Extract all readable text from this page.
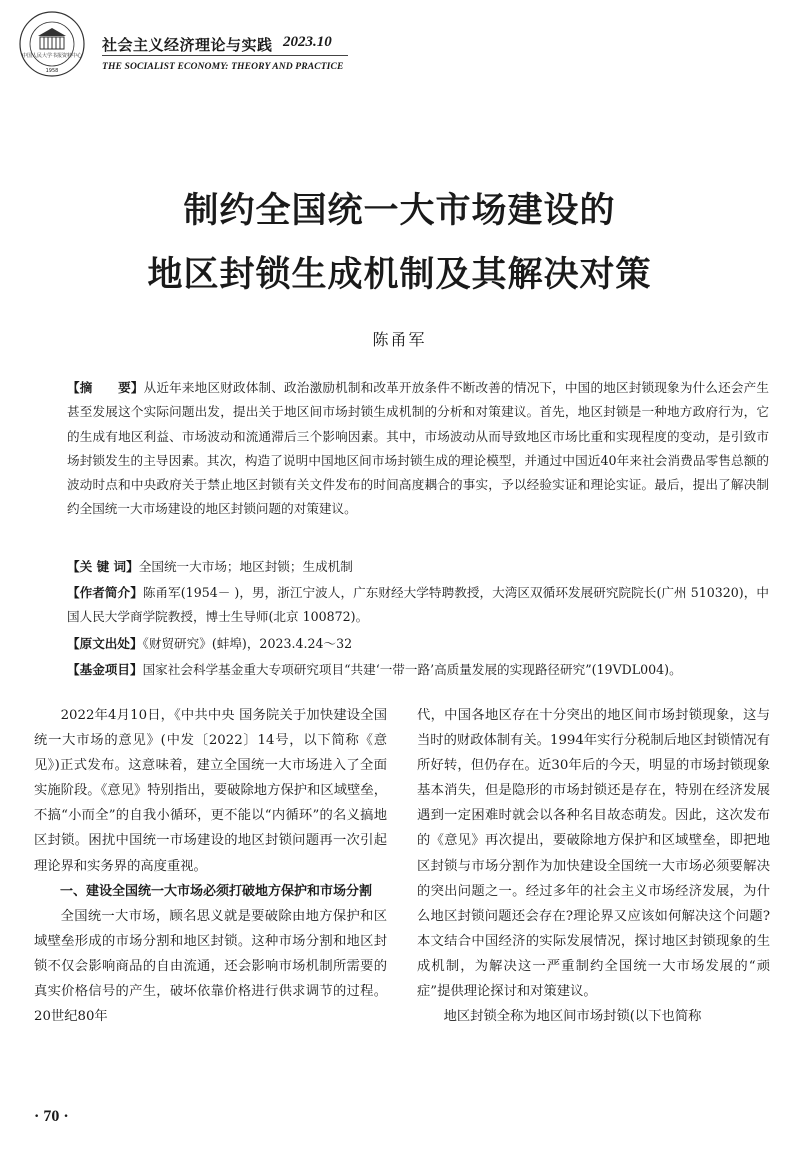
中国人民大学书报资料中心
1958
社会主义经济理论与实践 2023.10
THE SOCIALIST ECONOMY: THEORY AND PRACTICE
制约全国统一大市场建设的
地区封锁生成机制及其解决对策
陈甬军
【摘　　要】从近年来地区财政体制、政治激励机制和改革开放条件不断改善的情况下，中国的地区封锁现象为什么还会产生甚至发展这个实际问题出发，提出关于地区间市场封锁生成机制的分析和对策建议。首先，地区封锁是一种地方政府行为，它的生成有地区利益、市场波动和流通滞后三个影响因素。其中，市场波动从而导致地区市场比重和实现程度的变动，是引致市场封锁发生的主导因素。其次，构造了说明中国地区间市场封锁生成的理论模型，并通过中国近40年来社会消费品零售总额的波动时点和中央政府关于禁止地区封锁有关文件发布的时间高度耦合的事实，予以经验实证和理论实证。最后，提出了解决制约全国统一大市场建设的地区封锁问题的对策建议。
【关 键 词】全国统一大市场；地区封锁；生成机制
【作者简介】陈甬军(1954－ )，男，浙江宁波人，广东财经大学特聘教授，大湾区双循环发展研究院院长(广州 510320)，中国人民大学商学院教授，博士生导师(北京 100872)。
【原文出处】《财贸研究》(蚌埠)，2023.4.24～32
【基金项目】国家社会科学基金重大专项研究项目“共建‘一带一路’高质量发展的实现路径研究”(19VDL004)。

2022年4月10日，《中共中央 国务院关于加快建设全国统一大市场的意见》(中发〔2022〕14号，以下简称《意见》)正式发布。这意味着，建立全国统一大市场进入了全面实施阶段。《意见》特别指出，要破除地方保护和区域壁垒，不搞“小而全”的自我小循环，更不能以“内循环”的名义搞地区封锁。困扰中国统一市场建设的地区封锁问题再一次引起理论界和实务界的高度重视。

一、建设全国统一大市场必须打破地方保护和市场分割

全国统一大市场，顾名思义就是要破除由地方保护和区域壁垒形成的市场分割和地区封锁。这种市场分割和地区封锁不仅会影响商品的自由流通，还会影响市场机制所需要的真实价格信号的产生，破坏依靠价格进行供求调节的过程。20世纪80年

代，中国各地区存在十分突出的地区间市场封锁现象，这与当时的财政体制有关。1994年实行分税制后地区封锁情况有所好转，但仍存在。近30年后的今天，明显的市场封锁现象基本消失，但是隐形的市场封锁还是存在，特别在经济发展遇到一定困难时就会以各种名目故态萌发。因此，这次发布的《意见》再次提出，要破除地方保护和区域壁垒，即把地区封锁与市场分割作为加快建设全国统一大市场必须要解决的突出问题之一。经过多年的社会主义市场经济发展，为什么地区封锁问题还会存在?理论界又应该如何解决这个问题?本文结合中国经济的实际发展情况，探讨地区封锁现象的生成机制，为解决这一严重制约全国统一大市场发展的“顽症”提供理论探讨和对策建议。

地区封锁全称为地区间市场封锁(以下也简称

· 70 ·
